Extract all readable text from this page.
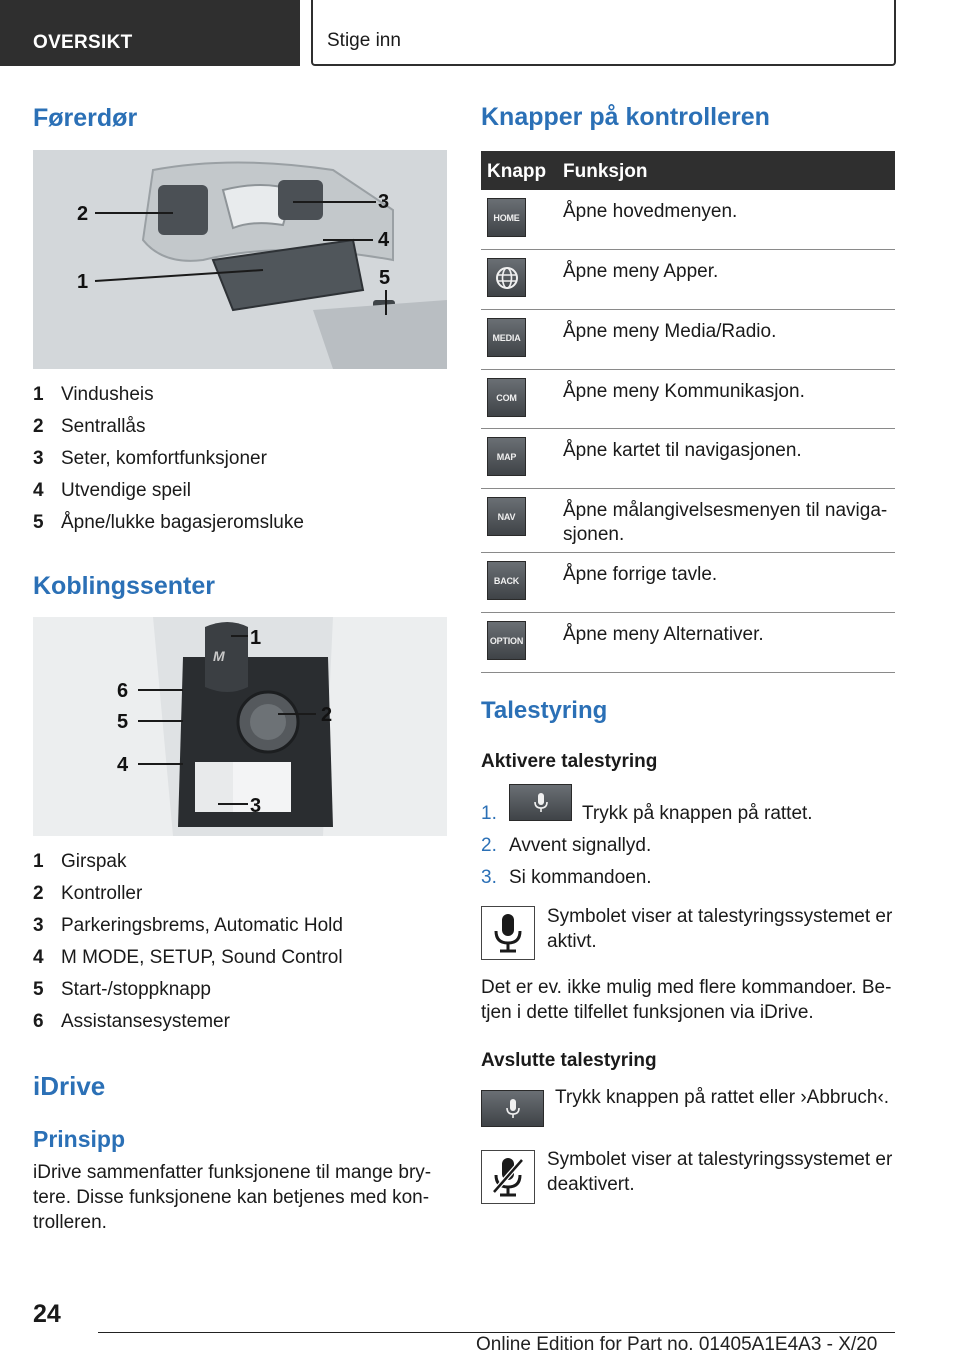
OVERSIKT	Stige inn
Førerdør
2
1
3
4
5
1 Vindusheis
2 Sentrallås
3 Seter, komfortfunksjoner
4 Utvendige speil
5 Åpne/lukke bagasjeromsluke
Koblingssenter
1
6
5
4
2
3
M
1 Girspak
2 Kontroller
3 Parkeringsbrems, Automatic Hold
4 M MODE, SETUP, Sound Control
5 Start-/stoppknapp
6 Assistansesystemer
iDrive
Prinsipp
iDrive sammenfatter funksjonene til mange brytere. Disse funksjonene kan betjenes med kontrolleren.
Knapper på kontrolleren
Knapp Funksjon
HOME	Åpne hovedmenyen.
Åpne meny Apper.
MEDIA Åpne meny Media/Radio.
COM	Åpne meny Kommunikasjon.
MAP	Åpne kartet til navigasjonen.
NAV	Åpne målangivelsesmenyen til navigasjonen.
BACK	Åpne forrige tavle.
OPTION Åpne meny Alternativer.
Talestyring
Aktivere talestyring
1.	Trykk på knappen på rattet.
2. Avvent signallyd.
3. Si kommandoen.
Symbolet viser at talestyringssystemet er aktivt.
Det er ev. ikke mulig med flere kommandoer. Betjen i dette tilfellet funksjonen via iDrive.
Avslutte talestyring
Trykk knappen på rattet eller ›Abbruch‹.
Symbolet viser at talestyringssystemet er deaktivert.
24
Online Edition for Part no. 01405A1E4A3 - X/20
